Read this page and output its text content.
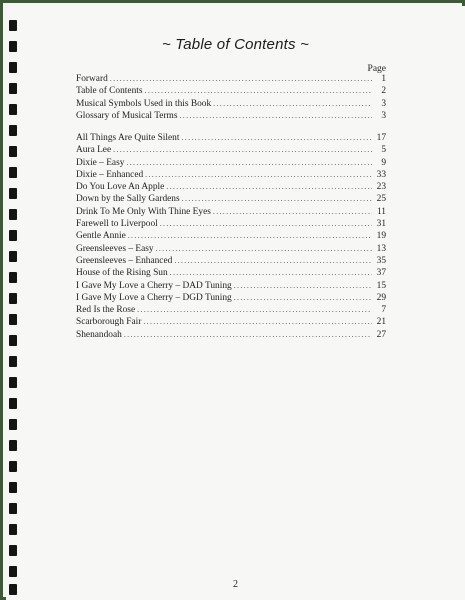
~ Table of Contents ~
Page
Forward .....	1
Table of Contents .....	2
Musical Symbols Used in this Book .....	3
Glossary of Musical Terms .....	3
All Things Are Quite Silent .....	17
Aura Lee .....	5
Dixie – Easy .....	9
Dixie – Enhanced .....	33
Do You Love An Apple .....	23
Down by the Sally Gardens .....	25
Drink To Me Only With Thine Eyes .....	11
Farewell to Liverpool .....	31
Gentle Annie .....	19
Greensleeves – Easy .....	13
Greensleeves – Enhanced .....	35
House of the Rising Sun .....	37
I Gave My Love a Cherry – DAD Tuning .....	15
I Gave My Love a Cherry – DGD Tuning .....	29
Red Is the Rose .....	7
Scarborough Fair .....	21
Shenandoah .....	27
2
